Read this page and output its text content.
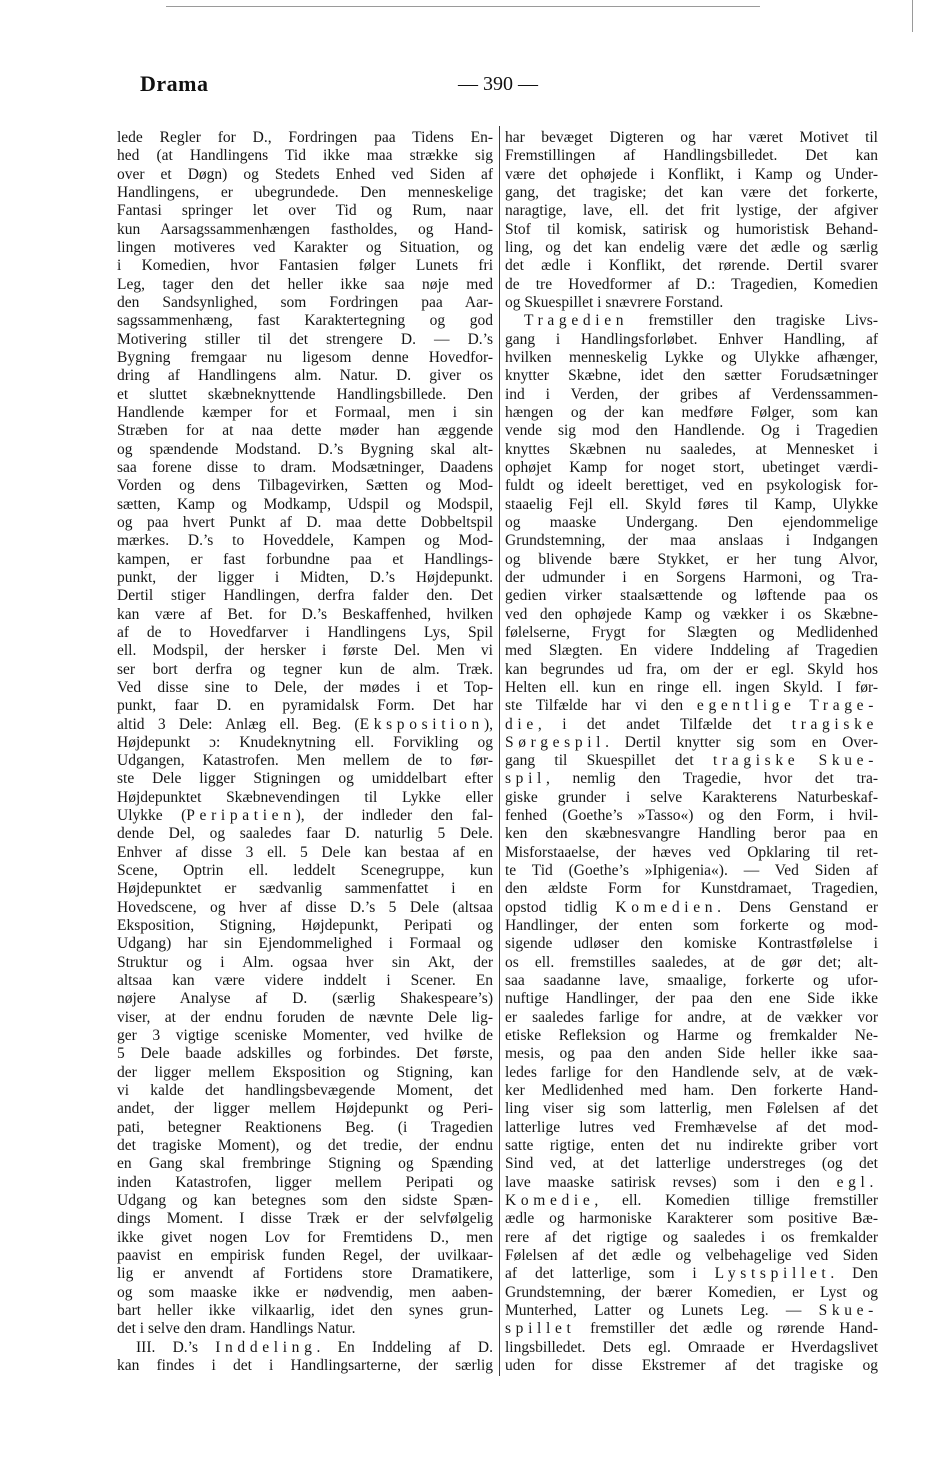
Drama	— 390 —
lede Regler for D., Fordringen paa Tidens En-
hed (at Handlingens Tid ikke maa strække sig
over et Døgn) og Stedets Enhed ved Siden af
Handlingens, er ubegrundede. Den menneskelige
Fantasi springer let over Tid og Rum, naar
kun Aarsagssammenhængen fastholdes, og Hand-
lingen motiveres ved Karakter og Situation, og
i Komedien, hvor Fantasien følger Lunets fri
Leg, tager den det heller ikke saa nøje med
den Sandsynlighed, som Fordringen paa Aar-
sagssammenhæng, fast Karaktertegning og god
Motivering stiller til det strengere D. — D.’s
Bygning fremgaar nu ligesom denne Hovedfor-
dring af Handlingens alm. Natur. D. giver os
et sluttet skæbneknyttende Handlingsbillede. Den
Handlende kæmper for et Formaal, men i sin
Stræben for at naa dette møder han æggende
og spændende Modstand. D.’s Bygning skal alt-
saa forene disse to dram. Modsætninger, Daadens
Vorden og dens Tilbagevirken, Sætten og Mod-
sætten, Kamp og Modkamp, Udspil og Modspil,
og paa hvert Punkt af D. maa dette Dobbeltspil
mærkes. D.’s to Hoveddele, Kampen og Mod-
kampen, er fast forbundne paa et Handlings-
punkt, der ligger i Midten, D.’s Højdepunkt.
Dertil stiger Handlingen, derfra falder den. Det
kan være af Bet. for D.’s Beskaffenhed, hvilken
af de to Hovedfarver i Handlingens Lys, Spil
ell. Modspil, der hersker i første Del. Men vi
ser bort derfra og tegner kun de alm. Træk.
Ved disse sine to Dele, der mødes i et Top-
punkt, faar D. en pyramidalsk Form. Det har
altid 3 Dele: Anlæg ell. Beg. (Eksposition),
Højdepunkt ɔ: Knudeknytning ell. Forvikling og
Udgangen, Katastrofen. Men mellem de to før-
ste Dele ligger Stigningen og umiddelbart efter
Højdepunktet Skæbnevendingen til Lykke eller
Ulykke (Peripatien), der indleder den fal-
dende Del, og saaledes faar D. naturlig 5 Dele.
Enhver af disse 3 ell. 5 Dele kan bestaa af en
Scene, Optrin ell. leddelt Scenegruppe, kun
Højdepunktet er sædvanlig sammenfattet i en
Hovedscene, og hver af disse D.’s 5 Dele (altsaa
Eksposition, Stigning, Højdepunkt, Peripati og
Udgang) har sin Ejendommelighed i Formaal og
Struktur og i Alm. ogsaa hver sin Akt, der
altsaa kan være videre inddelt i Scener. En
nøjere Analyse af D. (særlig Shakespeare’s)
viser, at der endnu foruden de nævnte Dele lig-
ger 3 vigtige sceniske Momenter, ved hvilke de
5 Dele baade adskilles og forbindes. Det første,
der ligger mellem Eksposition og Stigning, kan
vi kalde det handlingsbevægende Moment, det
andet, der ligger mellem Højdepunkt og Peri-
pati, betegner Reaktionens Beg. (i Tragedien
det tragiske Moment), og det tredie, der endnu
en Gang skal frembringe Stigning og Spænding
inden Katastrofen, ligger mellem Peripati og
Udgang og kan betegnes som den sidste Spæn-
dings Moment. I disse Træk er der selvfølgelig
ikke givet nogen Lov for Fremtidens D., men
paavist en empirisk funden Regel, der uvilkaar-
lig er anvendt af Fortidens store Dramatikere,
og som maaske ikke er nødvendig, men aaben-
bart heller ikke vilkaarlig, idet den synes grun-
det i selve den dram. Handlings Natur.
III. D.’s Inddeling. En Inddeling af D.
kan findes i det i Handlingsarterne, der særlig
har bevæget Digteren og har været Motivet til
Fremstillingen af Handlingsbilledet. Det kan
være det ophøjede i Konflikt, i Kamp og Under-
gang, det tragiske; det kan være det forkerte,
naragtige, lave, ell. det frit lystige, der afgiver
Stof til komisk, satirisk og humoristisk Behand-
ling, og det kan endelig være det ædle og særlig
det ædle i Konflikt, det rørende. Dertil svarer
de tre Hovedformer af D.: Tragedien, Komedien
og Skuespillet i snævrere Forstand.
Tragedien fremstiller den tragiske Livs-
gang i Handlingsforløbet. Enhver Handling, af
hvilken menneskelig Lykke og Ulykke afhænger,
knytter Skæbne, idet den sætter Forudsætninger
ind i Verden, der gribes af Verdenssammen-
hængen og der kan medføre Følger, som kan
vende sig mod den Handlende. Og i Tragedien
knyttes Skæbnen nu saaledes, at Mennesket i
ophøjet Kamp for noget stort, ubetinget værdi-
fuldt og ideelt berettiget, ved en psykologisk for-
staaelig Fejl ell. Skyld føres til Kamp, Ulykke
og maaske Undergang. Den ejendommelige
Grundstemning, der maa anslaas i Indgangen
og blivende bære Stykket, er her tung Alvor,
der udmunder i en Sorgens Harmoni, og Tra-
gedien virker staalsættende og løftende paa os
ved den ophøjede Kamp og vækker i os Skæbne-
følelserne, Frygt for Slægten og Medlidenhed
med Slægten. En videre Inddeling af Tragedien
kan begrundes ud fra, om der er egl. Skyld hos
Helten ell. kun en ringe ell. ingen Skyld. I før-
ste Tilfælde har vi den egentlige Trage-
die, i det andet Tilfælde det tragiske
Sørgespil. Dertil knytter sig som en Over-
gang til Skuespillet det tragiske Skue-
spil, nemlig den Tragedie, hvor det tra-
giske grunder i selve Karakterens Naturbeskaf-
fenhed (Goethe’s »Tasso«) og den Form, i hvil-
ken den skæbnesvangre Handling beror paa en
Misforstaaelse, der hæves ved Opklaring til ret-
te Tid (Goethe’s »Iphigenia«). — Ved Siden af
den ældste Form for Kunstdramaet, Tragedien,
opstod tidlig Komedien. Dens Genstand er
Handlinger, der enten som forkerte og mod-
sigende udløser den komiske Kontrastfølelse i
os ell. fremstilles saaledes, at de gør det; alt-
saa saadanne lave, smaalige, forkerte og ufor-
nuftige Handlinger, der paa den ene Side ikke
er saaledes farlige for andre, at de vækker vor
etiske Refleksion og Harme og fremkalder Ne-
mesis, og paa den anden Side heller ikke saa-
ledes farlige for den Handlende selv, at de væk-
ker Medlidenhed med ham. Den forkerte Hand-
ling viser sig som latterlig, men Følelsen af det
latterlige lutres ved Fremhævelse af det mod-
satte rigtige, enten det nu indirekte griber vort
Sind ved, at det latterlige understreges (og det
lave maaske satirisk revses) som i den egl.
Komedie, ell. Komedien tillige fremstiller
ædle og harmoniske Karakterer som positive Bæ-
rere af det rigtige og saaledes i os fremkalder
Følelsen af det ædle og velbehagelige ved Siden
af det latterlige, som i Lystspillet. Den
Grundstemning, der bærer Komedien, er Lyst og
Munterhed, Latter og Lunets Leg. — Skue-
spillet fremstiller det ædle og rørende Hand-
lingsbilledet. Dets egl. Omraade er Hverdagslivet
uden for disse Ekstremer af det tragiske og
